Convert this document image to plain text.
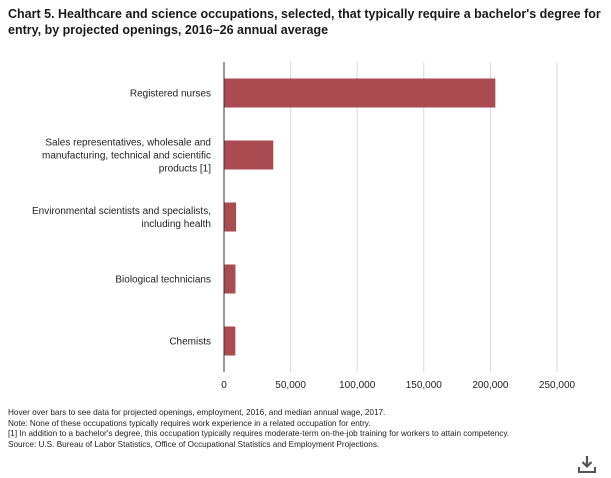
Chart 5. Healthcare and science occupations, selected, that typically require a bachelor's degree for entry, by projected openings, 2016–26 annual average
Registered nurses
Sales representatives, wholesale and
manufacturing, technical and scientific
products [1]
Environmental scientists and specialists,
including health
Biological technicians
Chemists
0	50,000	100,000	150,000	200,000	250,000
Hover over bars to see data for projected openings, employment, 2016, and median annual wage, 2017.
Note: None of these occupations typically requires work experience in a related occupation for entry.
[1] In addition to a bachelor's degree, this occupation typically requires moderate-term on-the-job training for workers to attain competency.
Source: U.S. Bureau of Labor Statistics, Office of Occupational Statistics and Employment Projections.
